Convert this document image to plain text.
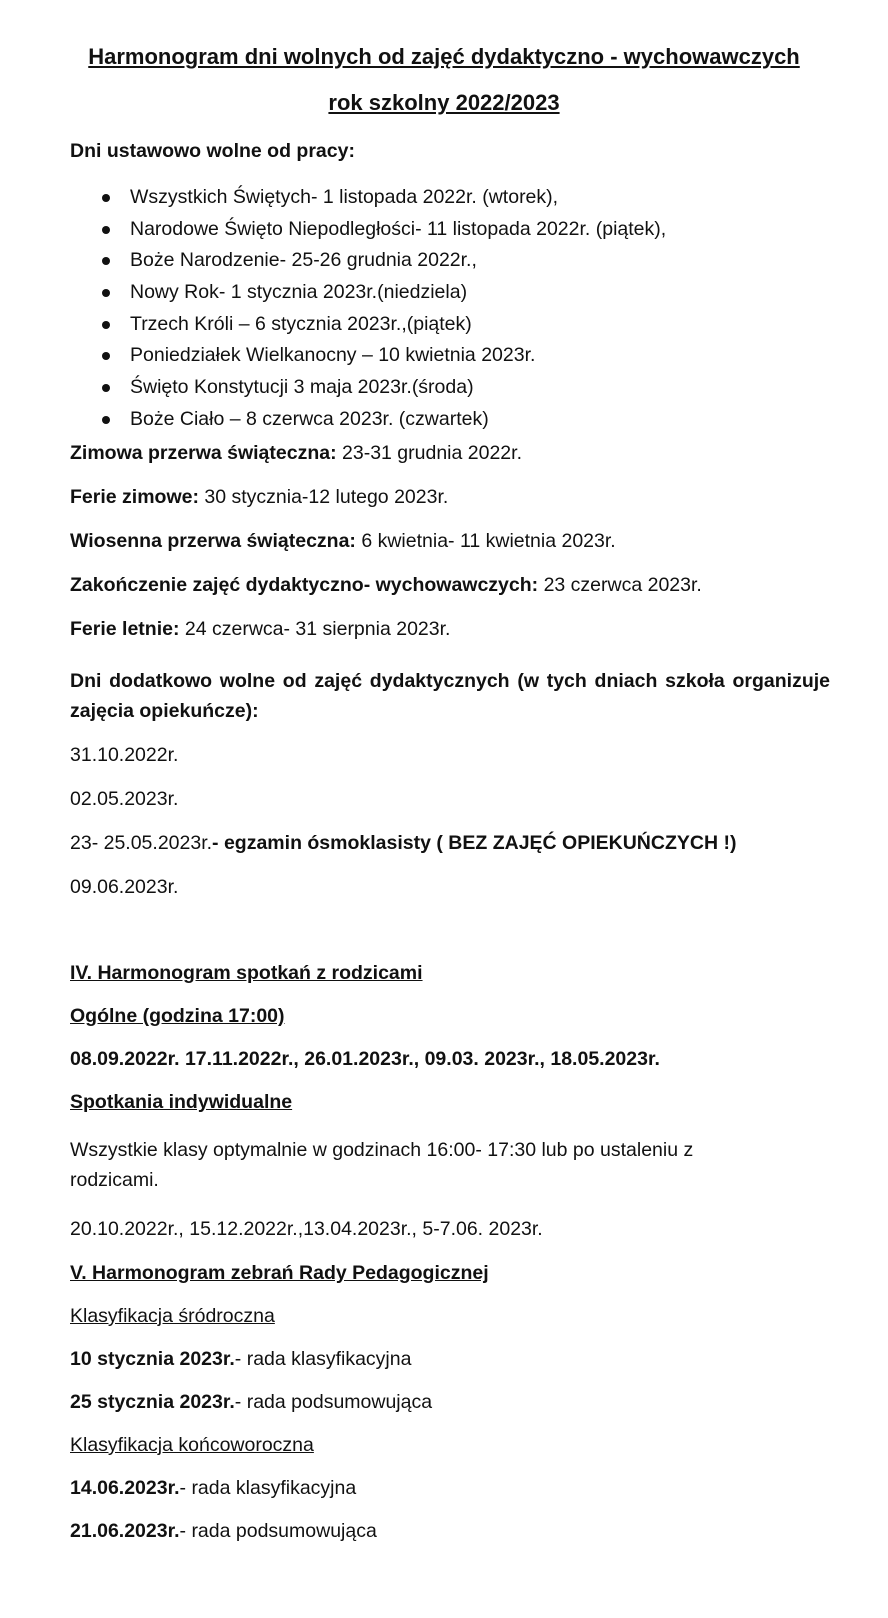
Harmonogram dni wolnych od zajęć dydaktyczno - wychowawczych
rok szkolny 2022/2023
Dni ustawowo wolne od pracy:
Wszystkich Świętych- 1 listopada 2022r. (wtorek),
Narodowe Święto Niepodległości- 11 listopada 2022r. (piątek),
Boże Narodzenie- 25-26 grudnia 2022r.,
Nowy Rok- 1 stycznia 2023r.(niedziela)
Trzech Króli – 6 stycznia 2023r.,(piątek)
Poniedziałek Wielkanocny – 10 kwietnia 2023r.
Święto Konstytucji 3 maja 2023r.(środa)
Boże Ciało – 8 czerwca 2023r. (czwartek)
Zimowa przerwa świąteczna: 23-31 grudnia 2022r.
Ferie zimowe: 30 stycznia-12 lutego 2023r.
Wiosenna przerwa świąteczna: 6 kwietnia- 11 kwietnia 2023r.
Zakończenie zajęć dydaktyczno- wychowawczych: 23 czerwca 2023r.
Ferie letnie: 24 czerwca- 31 sierpnia 2023r.
Dni dodatkowo wolne od zajęć dydaktycznych (w tych dniach szkoła organizuje zajęcia opiekuńcze):
31.10.2022r.
02.05.2023r.
23- 25.05.2023r.- egzamin ósmoklasisty ( BEZ ZAJĘĆ OPIEKUŃCZYCH !)
09.06.2023r.
IV. Harmonogram spotkań z rodzicami
Ogólne (godzina 17:00)
08.09.2022r. 17.11.2022r., 26.01.2023r., 09.03. 2023r., 18.05.2023r.
Spotkania indywidualne
Wszystkie klasy optymalnie w godzinach 16:00- 17:30 lub po ustaleniu z rodzicami.
20.10.2022r., 15.12.2022r.,13.04.2023r., 5-7.06. 2023r.
V. Harmonogram zebrań Rady Pedagogicznej
Klasyfikacja śródroczna
10 stycznia 2023r.- rada klasyfikacyjna
25 stycznia 2023r.- rada podsumowująca
Klasyfikacja końcoworoczna
14.06.2023r.- rada klasyfikacyjna
21.06.2023r.- rada podsumowująca
